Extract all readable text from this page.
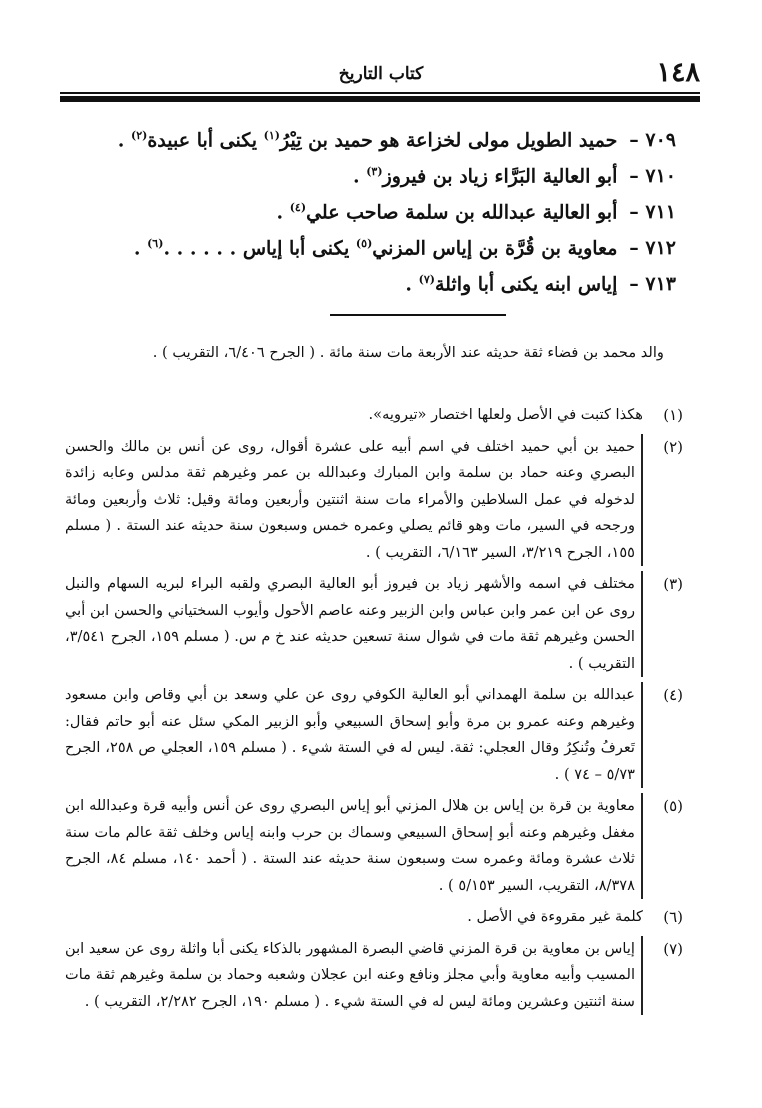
١٤٨
كتاب التاريخ
٧٠٩ – حميد الطويل مولى لخزاعة هو حميد بن تِيْرُ$^{(١)}$ يكنى أبا عبيدة$^{(٢)}$ .
٧١٠ – أبو العالية البَرَّاء زياد بن فيروز$^{(٣)}$ .
٧١١ – أبو العالية عبدالله بن سلمة صاحب علي$^{(٤)}$ .
٧١٢ – معاوية بن قُرَّة بن إياس المزني$^{(٥)}$ يكنى أبا إياس . . . . . .$^{(٦)}$ .
٧١٣ – إياس ابنه يكنى أبا واثلة$^{(٧)}$ .
والد محمد بن فضاء ثقة حديثه عند الأربعة مات سنة مائة . ( الجرح ٦/٤٠٦، التقريب ) .
(١)
هكذا كتبت في الأصل ولعلها اختصار «تيرويه».
(٢)
حميد بن أبي حميد اختلف في اسم أبيه على عشرة أقوال، روى عن أنس بن مالك والحسن البصري وعنه حماد بن سلمة وابن المبارك وعبدالله بن عمر وغيرهم ثقة مدلس وعابه زائدة لدخوله في عمل السلاطين والأمراء مات سنة اثنتين وأربعين ومائة وقيل: ثلاث وأربعين ومائة ورجحه في السير، مات وهو قائم يصلي وعمره خمس وسبعون سنة حديثه عند الستة . ( مسلم ١٥٥، الجرح ٣/٢١٩، السير ٦/١٦٣، التقريب ) .
(٣)
مختلف في اسمه والأشهر زياد بن فيروز أبو العالية البصري ولقبه البراء لبريه السهام والنبل روى عن ابن عمر وابن عباس وابن الزبير وعنه عاصم الأحول وأيوب السختياني والحسن ابن أبي الحسن وغيرهم ثقة مات في شوال سنة تسعين حديثه عند خ م س. ( مسلم ١٥٩، الجرح ٣/٥٤١، التقريب ) .
(٤)
عبدالله بن سلمة الهمداني أبو العالية الكوفي روى عن علي وسعد بن أبي وقاص وابن مسعود وغيرهم وعنه عمرو بن مرة وأبو إسحاق السبيعي وأبو الزبير المكي سئل عنه أبو حاتم فقال: تَعرفُ وتُنكِرُ وقال العجلي: ثقة. ليس له في الستة شيء . ( مسلم ١٥٩، العجلي ص ٢٥٨، الجرح ٥/٧٣ – ٧٤ ) .
(٥)
معاوية بن قرة بن إياس بن هلال المزني أبو إياس البصري روى عن أنس وأبيه قرة وعبدالله ابن مغفل وغيرهم وعنه أبو إسحاق السبيعي وسماك بن حرب وابنه إياس وخلف ثقة عالم مات سنة ثلاث عشرة ومائة وعمره ست وسبعون سنة حديثه عند الستة . ( أحمد ١٤٠، مسلم ٨٤، الجرح ٨/٣٧٨، التقريب، السير ٥/١٥٣ ) .
(٦)
كلمة غير مقروءة في الأصل .
(٧)
إياس بن معاوية بن قرة المزني قاضي البصرة المشهور بالذكاء يكنى أبا واثلة روى عن سعيد ابن المسيب وأبيه معاوية وأبي مجلز ونافع وعنه ابن عجلان وشعبه وحماد بن سلمة وغيرهم ثقة مات سنة اثنتين وعشرين ومائة ليس له في الستة شيء . ( مسلم ١٩٠، الجرح ٢/٢٨٢، التقريب ) .
